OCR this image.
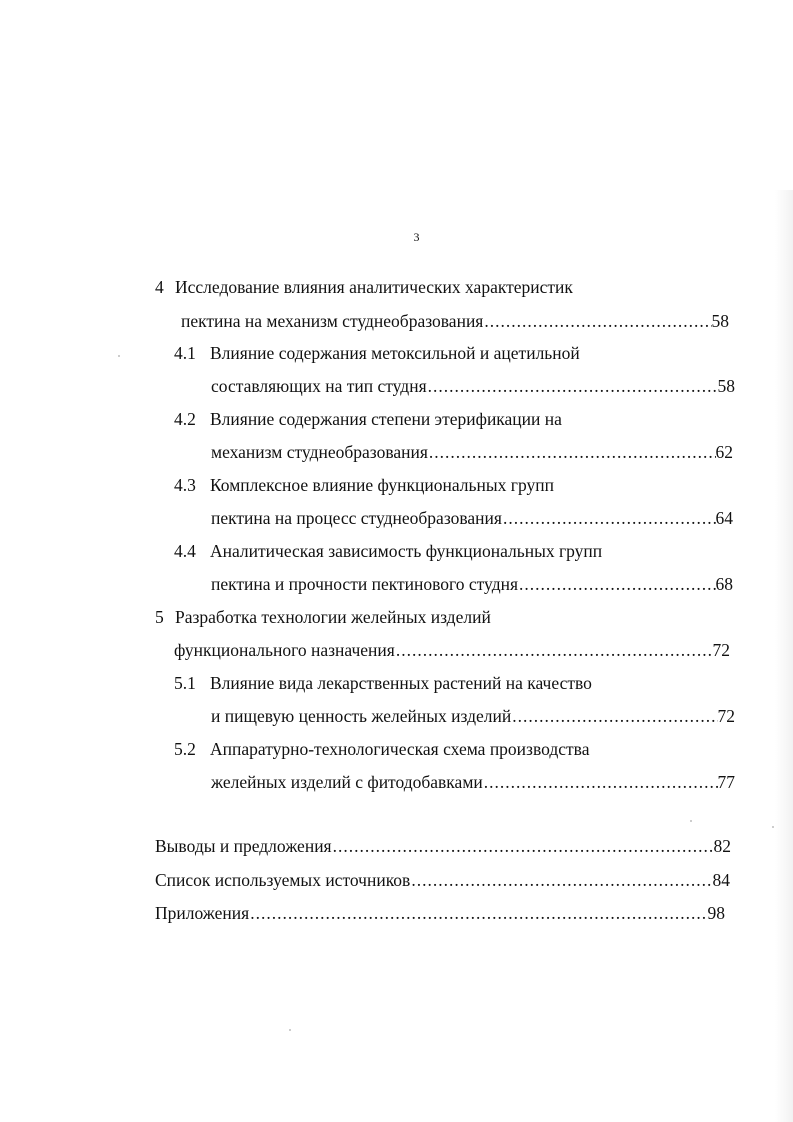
3
4 Исследование влияния аналитических характеристик
пектина на механизм студнеобразования .....	58
4.1 Влияние содержания метоксильной и ацетильной
составляющих на тип студня .....	58
4.2 Влияние содержания степени этерификации на
механизм студнеобразования .....	62
4.3 Комплексное влияние функциональных групп
пектина на процесс студнеобразования .....	64
4.4 Аналитическая зависимость функциональных групп
пектина и прочности пектинового студня .....	68
5 Разработка технологии желейных изделий
функционального назначения .....	72
5.1 Влияние вида лекарственных растений на качество
и пищевую ценность желейных изделий .....	72
5.2 Аппаратурно-технологическая схема производства
желейных изделий с фитодобавками .....	77
Выводы и предложения .....	82
Список используемых источников .....	84
Приложения .....	98
